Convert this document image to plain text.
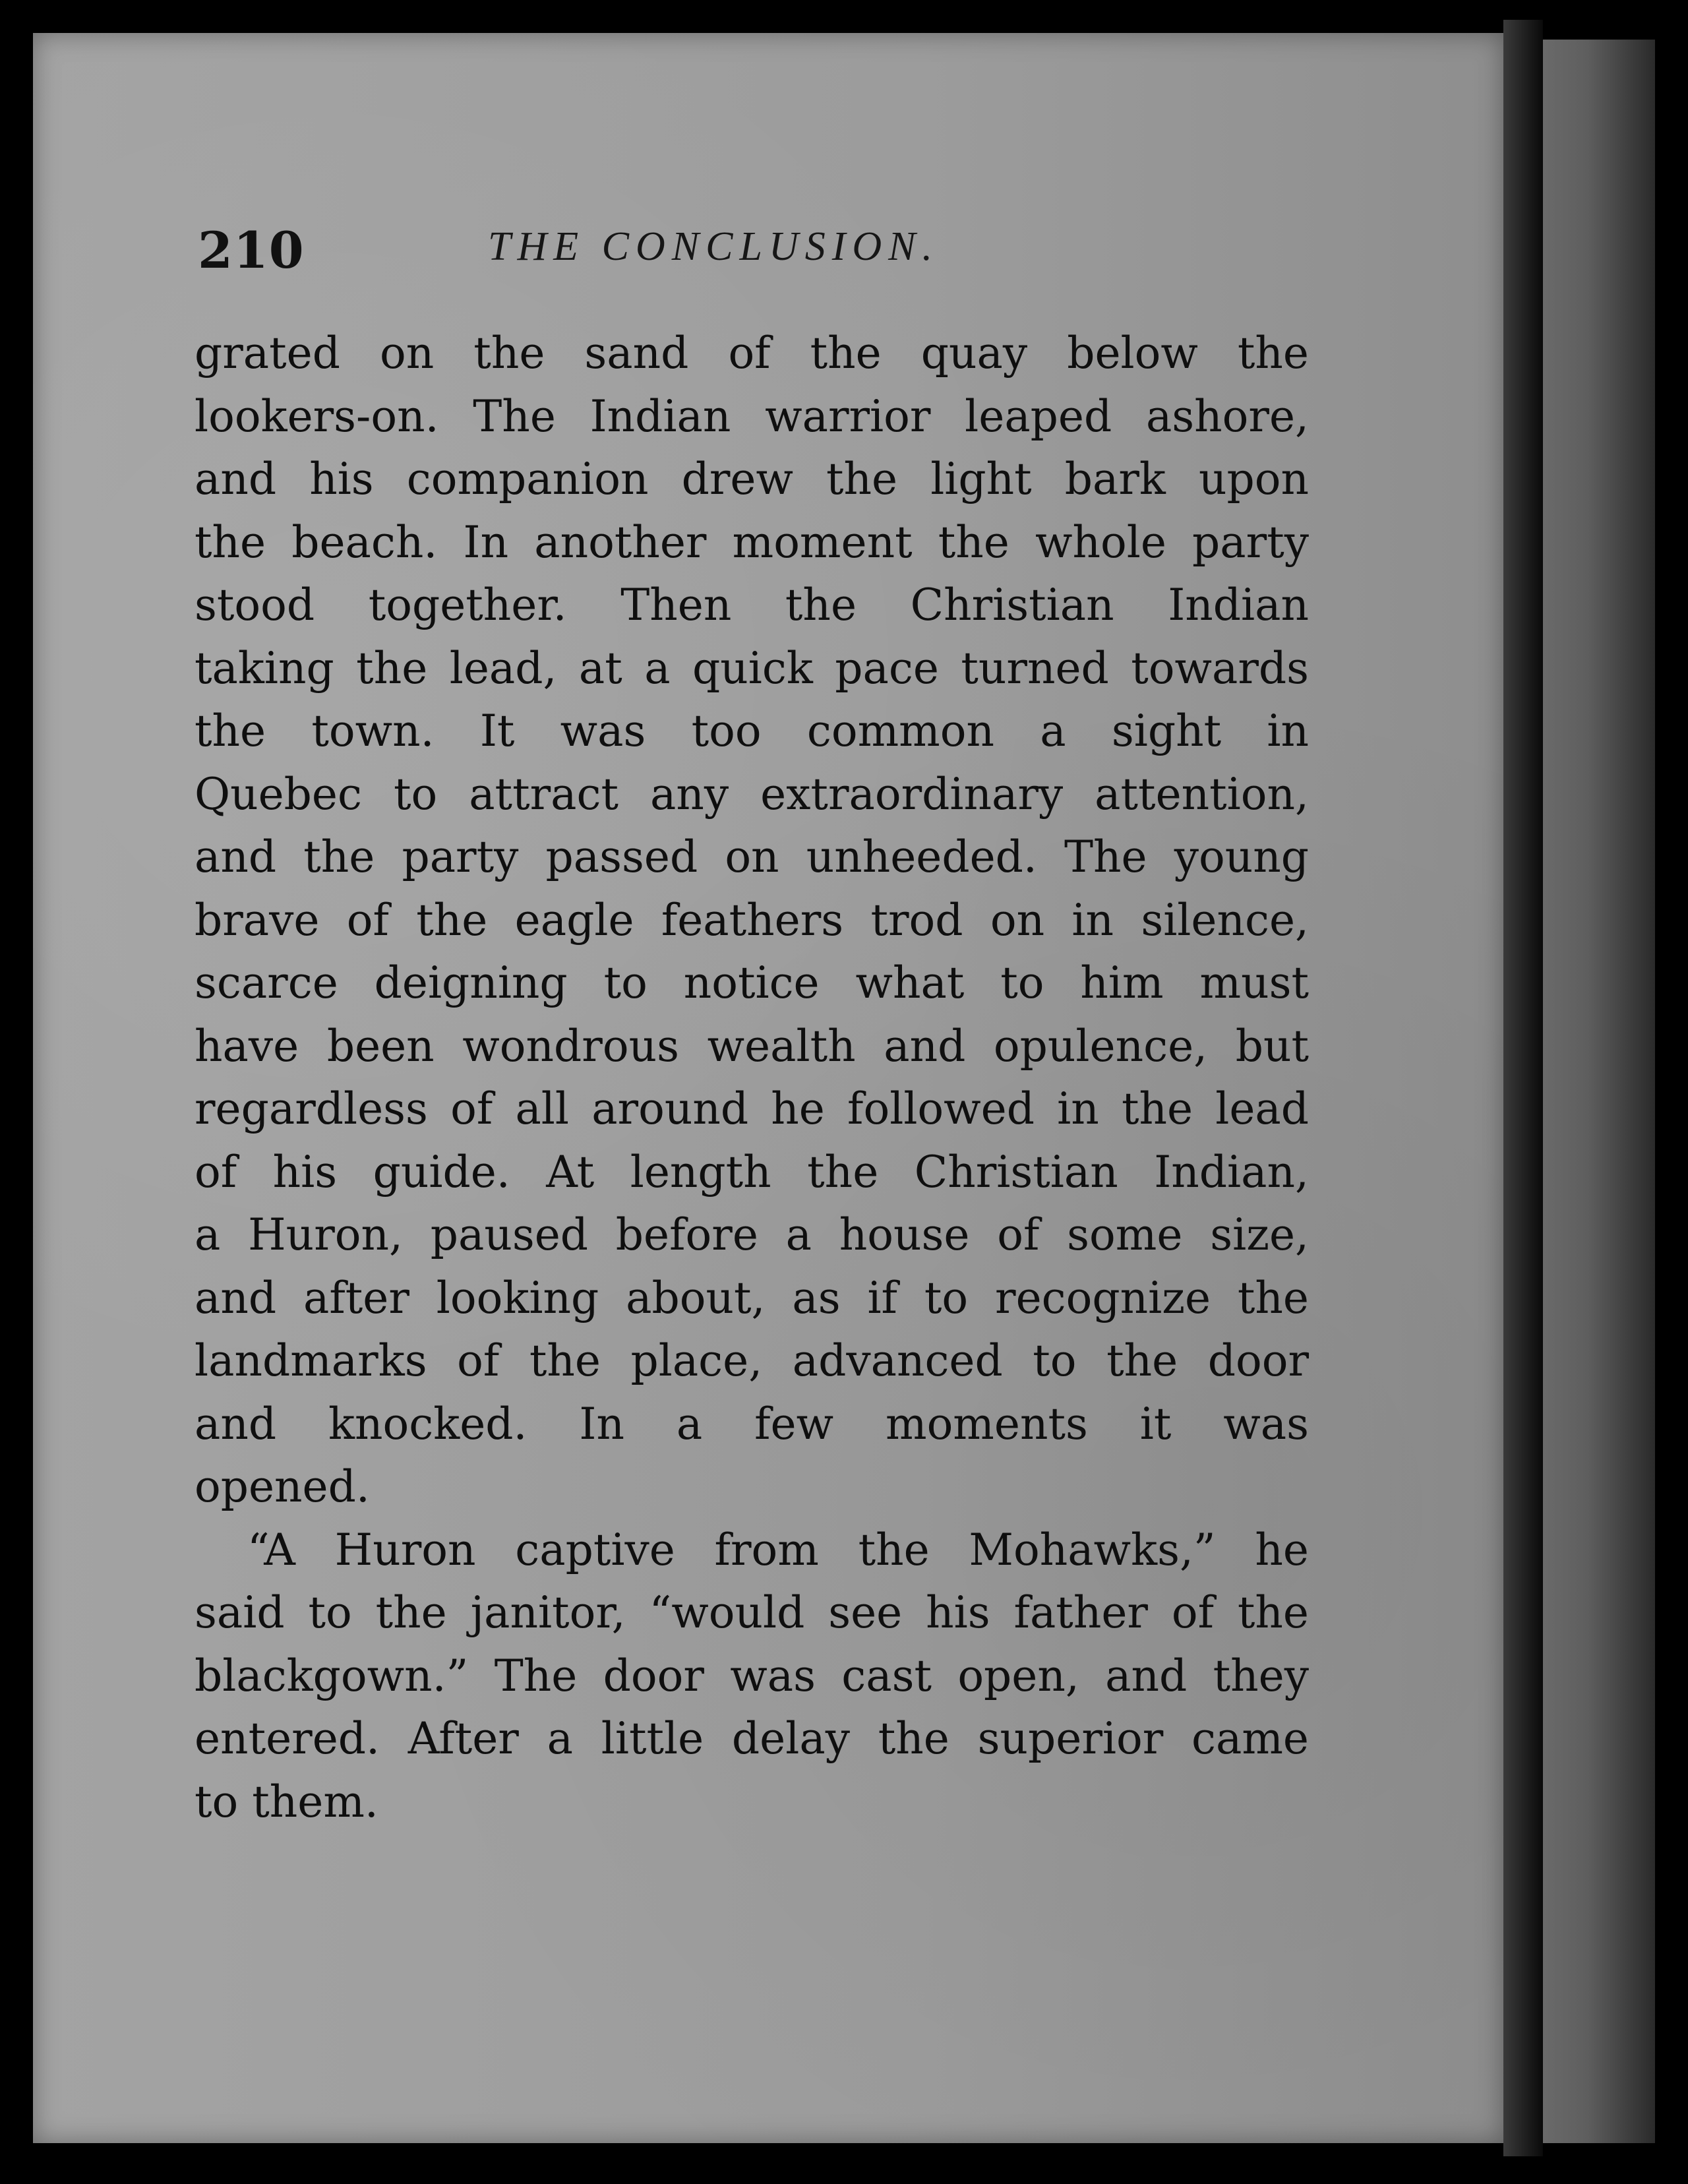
210	THE CONCLUSION.
grated on the sand of the quay below the
lookers-on. The Indian warrior leaped ashore,
and his companion drew the light bark upon
the beach. In another moment the whole party
stood together. Then the Christian Indian
taking the lead, at a quick pace turned towards
the town. It was too common a sight in
Quebec to attract any extraordinary attention,
and the party passed on unheeded. The young
brave of the eagle feathers trod on in silence,
scarce deigning to notice what to him must
have been wondrous wealth and opulence, but
regardless of all around he followed in the lead
of his guide. At length the Christian Indian,
a Huron, paused before a house of some size,
and after looking about, as if to recognize the
landmarks of the place, advanced to the door
and knocked. In a few moments it was
opened.
“A Huron captive from the Mohawks,” he
said to the janitor, “would see his father of the
blackgown.” The door was cast open, and they
entered. After a little delay the superior came
to them.
